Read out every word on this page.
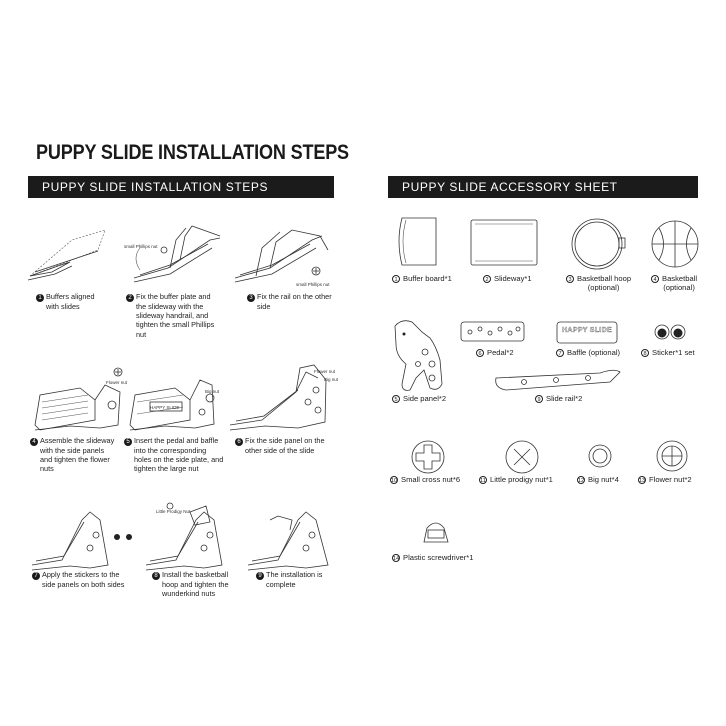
PUPPY SLIDE INSTALLATION STEPS
PUPPY SLIDE INSTALLATION STEPS	PUPPY SLIDE ACCESSORY SHEET
small Phillips nut
small Phillips nut
Flower nut
Big nut
HAPPY SLIDE
Flower nut
Big nut
Little Prodigy Nut
HAPPY SLIDE
1 Buffers aligned
with slides
2 Fix the buffer plate and
the slideway with the
slideway handrail, and
tighten the small Phillips
nut
3 Fix the rail on the other
side
4 Assemble the slideway
with the side panels
and tighten the flower
nuts
5 Insert the pedal and baffle
into the corresponding
holes on the side plate, and
tighten the large nut
6 Fix the side panel on the
other side of the slide
7 Apply the stickers to the
side panels on both sides
8 Install the basketball
hoop and tighten the
wunderkind nuts
9 The installation is
complete
1 Buffer board*1	2 Slideway*1	3 Basketball hoop
(optional)
4 Basketball
(optional)
5 Side panel*2
6 Pedal*2	7 Baffle (optional)	8 Sticker*1 set
9 Slide rail*2
10 Small cross nut*6	11 Little prodigy nut*1	12 Big nut*4	13 Flower nut*2
14 Plastic screwdriver*1
